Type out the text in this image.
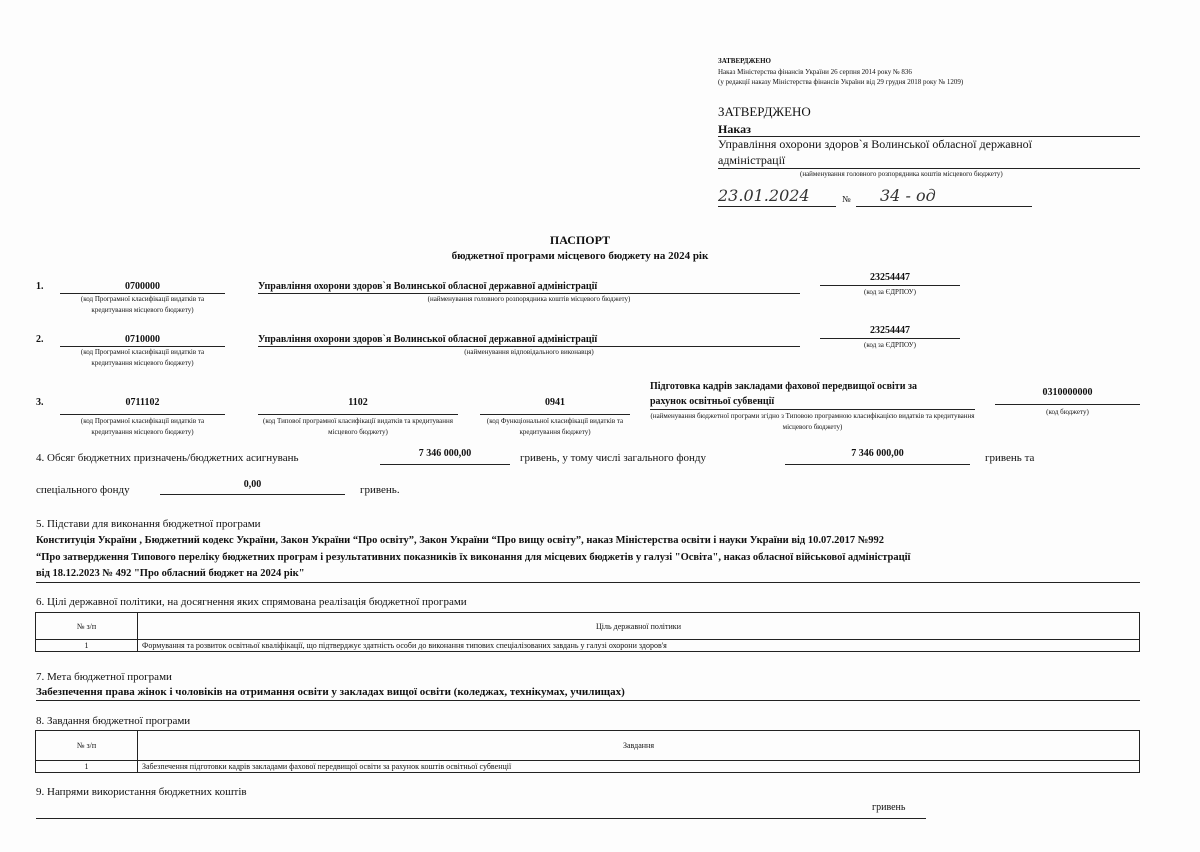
ЗАТВЕРДЖЕНО
Наказ Міністерства фінансів України 26 серпня 2014 року № 836
(у редакції наказу Міністерства фінансів України від 29 грудня 2018 року № 1209)
ЗАТВЕРДЖЕНО
Наказ
Управління охорони здоров`я Волинської обласної державної
адміністрації
(найменування головного розпорядника коштів місцевого бюджету)
23.01.2024	№ 34 - од
ПАСПОРТ
бюджетної програми місцевого бюджету на 2024 рік
1.	0700000
(код Програмної класифікації видатків та кредитування місцевого бюджету)
Управління охорони здоров`я Волинської обласної державної адміністрації
(найменування головного розпорядника коштів місцевого бюджету)
23254447
(код за ЄДРПОУ)
2.	0710000
(код Програмної класифікації видатків та кредитування місцевого бюджету)
Управління охорони здоров`я Волинської обласної державної адміністрації
(найменування відповідального виконавця)
23254447
(код за ЄДРПОУ)
3.	0711102
(код Програмної класифікації видатків та кредитування місцевого бюджету)
1102
(код Типової програмної класифікації видатків та кредитування місцевого бюджету)
0941
(код Функціональної класифікації видатків та кредитування бюджету)
Підготовка кадрів закладами фахової передвищої освіти за
рахунок освітньої субвенції
(найменування бюджетної програми згідно з Типовою програмною класифікацією видатків та кредитування місцевого бюджету)
0310000000
(код бюджету)
4. Обсяг бюджетних призначень/бюджетних асигнувань	7 346 000,00	гривень, у тому числі загального фонду	7 346 000,00	гривень та
спеціального фонду	0,00	гривень.
5. Підстави для виконання бюджетної програми
Конституція України , Бюджетний кодекс України, Закон України “Про освіту”, Закон України “Про вищу освіту”, наказ Міністерства освіти і науки України від 10.07.2017 №992
“Про затвердження Типового переліку бюджетних програм і результативних показників їх виконання для місцевих бюджетів у галузі "Освіта", наказ обласної військової адміністрації
від 18.12.2023 № 492 "Про обласний бюджет на 2024 рік"
6. Цілі державної політики, на досягнення яких спрямована реалізація бюджетної програми
№ з/п	Ціль державної політики
1	Формування та розвиток освітньої кваліфікації, що підтверджує здатність особи до виконання типових спеціалізованих завдань у галузі охорони здоров'я
7. Мета бюджетної програми
Забезпечення права жінок і чоловіків на отримання освіти у закладах вищої освіти (коледжах, технікумах, училищах)
8. Завдання бюджетної програми
№ з/п	Завдання
1	Забезпечення підготовки кадрів закладами фахової передвищої освіти за рахунок коштів освітньої субвенції
9. Напрями використання бюджетних коштів
гривень
